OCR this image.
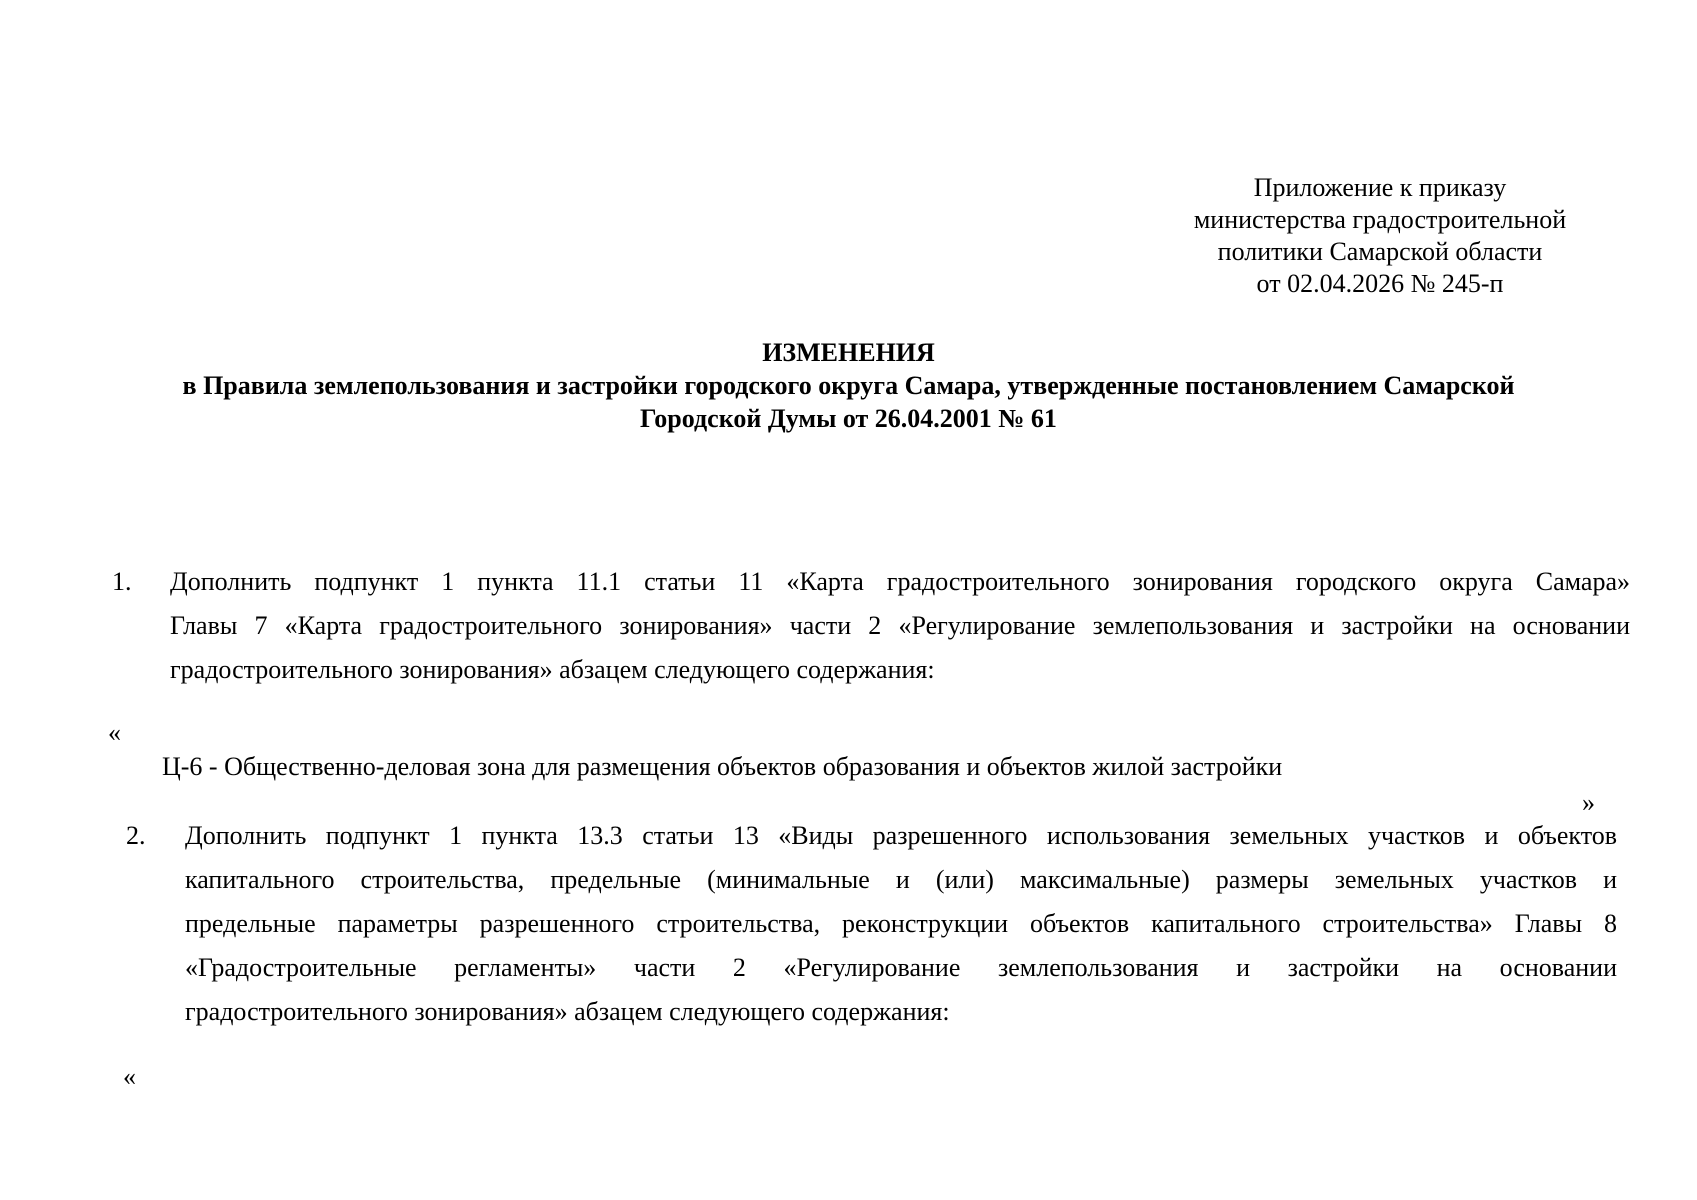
Приложение к приказу
министерства градостроительной
политики Самарской области
от 02.04.2026 № 245-п
ИЗМЕНЕНИЯ
в Правила землепользования и застройки городского округа Самара, утвержденные постановлением Самарской
Городской Думы от 26.04.2001 № 61
1. Дополнить подпункт 1 пункта 11.1 статьи 11 «Карта градостроительного зонирования городского округа Самара»
Главы 7 «Карта градостроительного зонирования» части 2 «Регулирование землепользования и застройки на основании
градостроительного зонирования» абзацем следующего содержания:
«
Ц-6 - Общественно-деловая зона для размещения объектов образования и объектов жилой застройки
»
2. Дополнить подпункт 1 пункта 13.3 статьи 13 «Виды разрешенного использования земельных участков и объектов
капитального строительства, предельные (минимальные и (или) максимальные) размеры земельных участков и
предельные параметры разрешенного строительства, реконструкции объектов капитального строительства» Главы 8
«Градостроительные регламенты» части 2 «Регулирование землепользования и застройки на основании
градостроительного зонирования» абзацем следующего содержания:
«
